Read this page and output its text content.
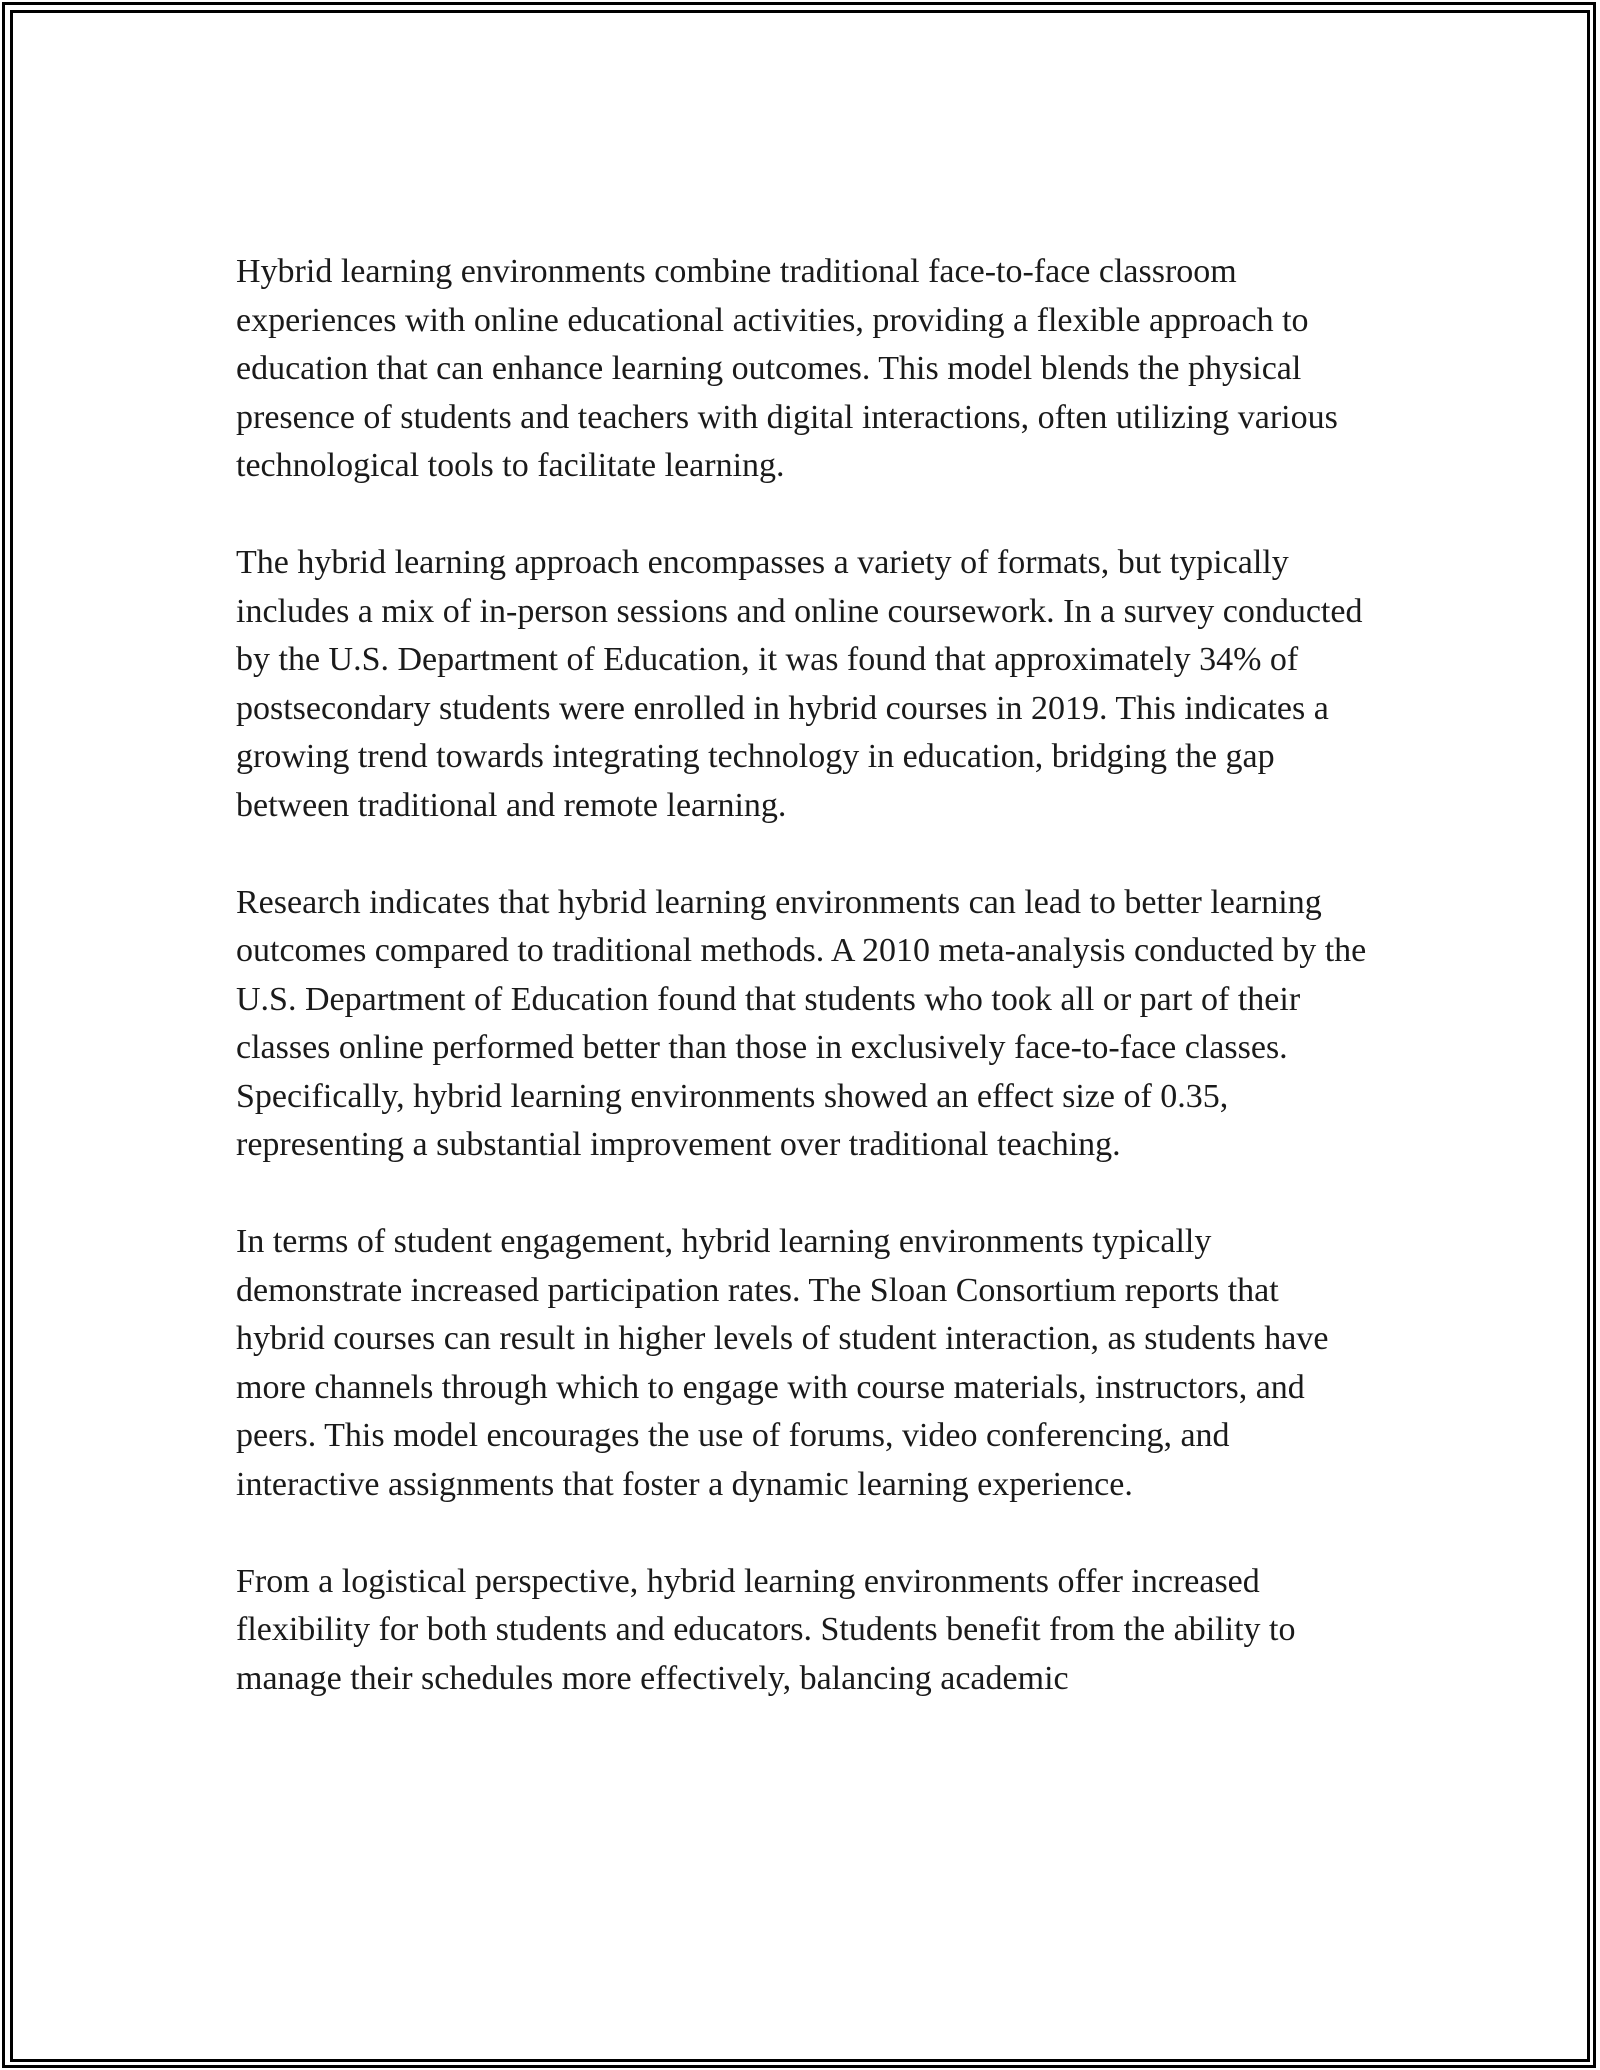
Hybrid learning environments combine traditional face-to-face classroom experiences with online educational activities, providing a flexible approach to education that can enhance learning outcomes. This model blends the physical presence of students and teachers with digital interactions, often utilizing various technological tools to facilitate learning.

The hybrid learning approach encompasses a variety of formats, but typically includes a mix of in-person sessions and online coursework. In a survey conducted by the U.S. Department of Education, it was found that approximately 34% of postsecondary students were enrolled in hybrid courses in 2019. This indicates a growing trend towards integrating technology in education, bridging the gap between traditional and remote learning.

Research indicates that hybrid learning environments can lead to better learning outcomes compared to traditional methods. A 2010 meta-analysis conducted by the U.S. Department of Education found that students who took all or part of their classes online performed better than those in exclusively face-to-face classes. Specifically, hybrid learning environments showed an effect size of 0.35, representing a substantial improvement over traditional teaching.

In terms of student engagement, hybrid learning environments typically demonstrate increased participation rates. The Sloan Consortium reports that hybrid courses can result in higher levels of student interaction, as students have more channels through which to engage with course materials, instructors, and peers. This model encourages the use of forums, video conferencing, and interactive assignments that foster a dynamic learning experience.

From a logistical perspective, hybrid learning environments offer increased flexibility for both students and educators. Students benefit from the ability to manage their schedules more effectively, balancing academic
